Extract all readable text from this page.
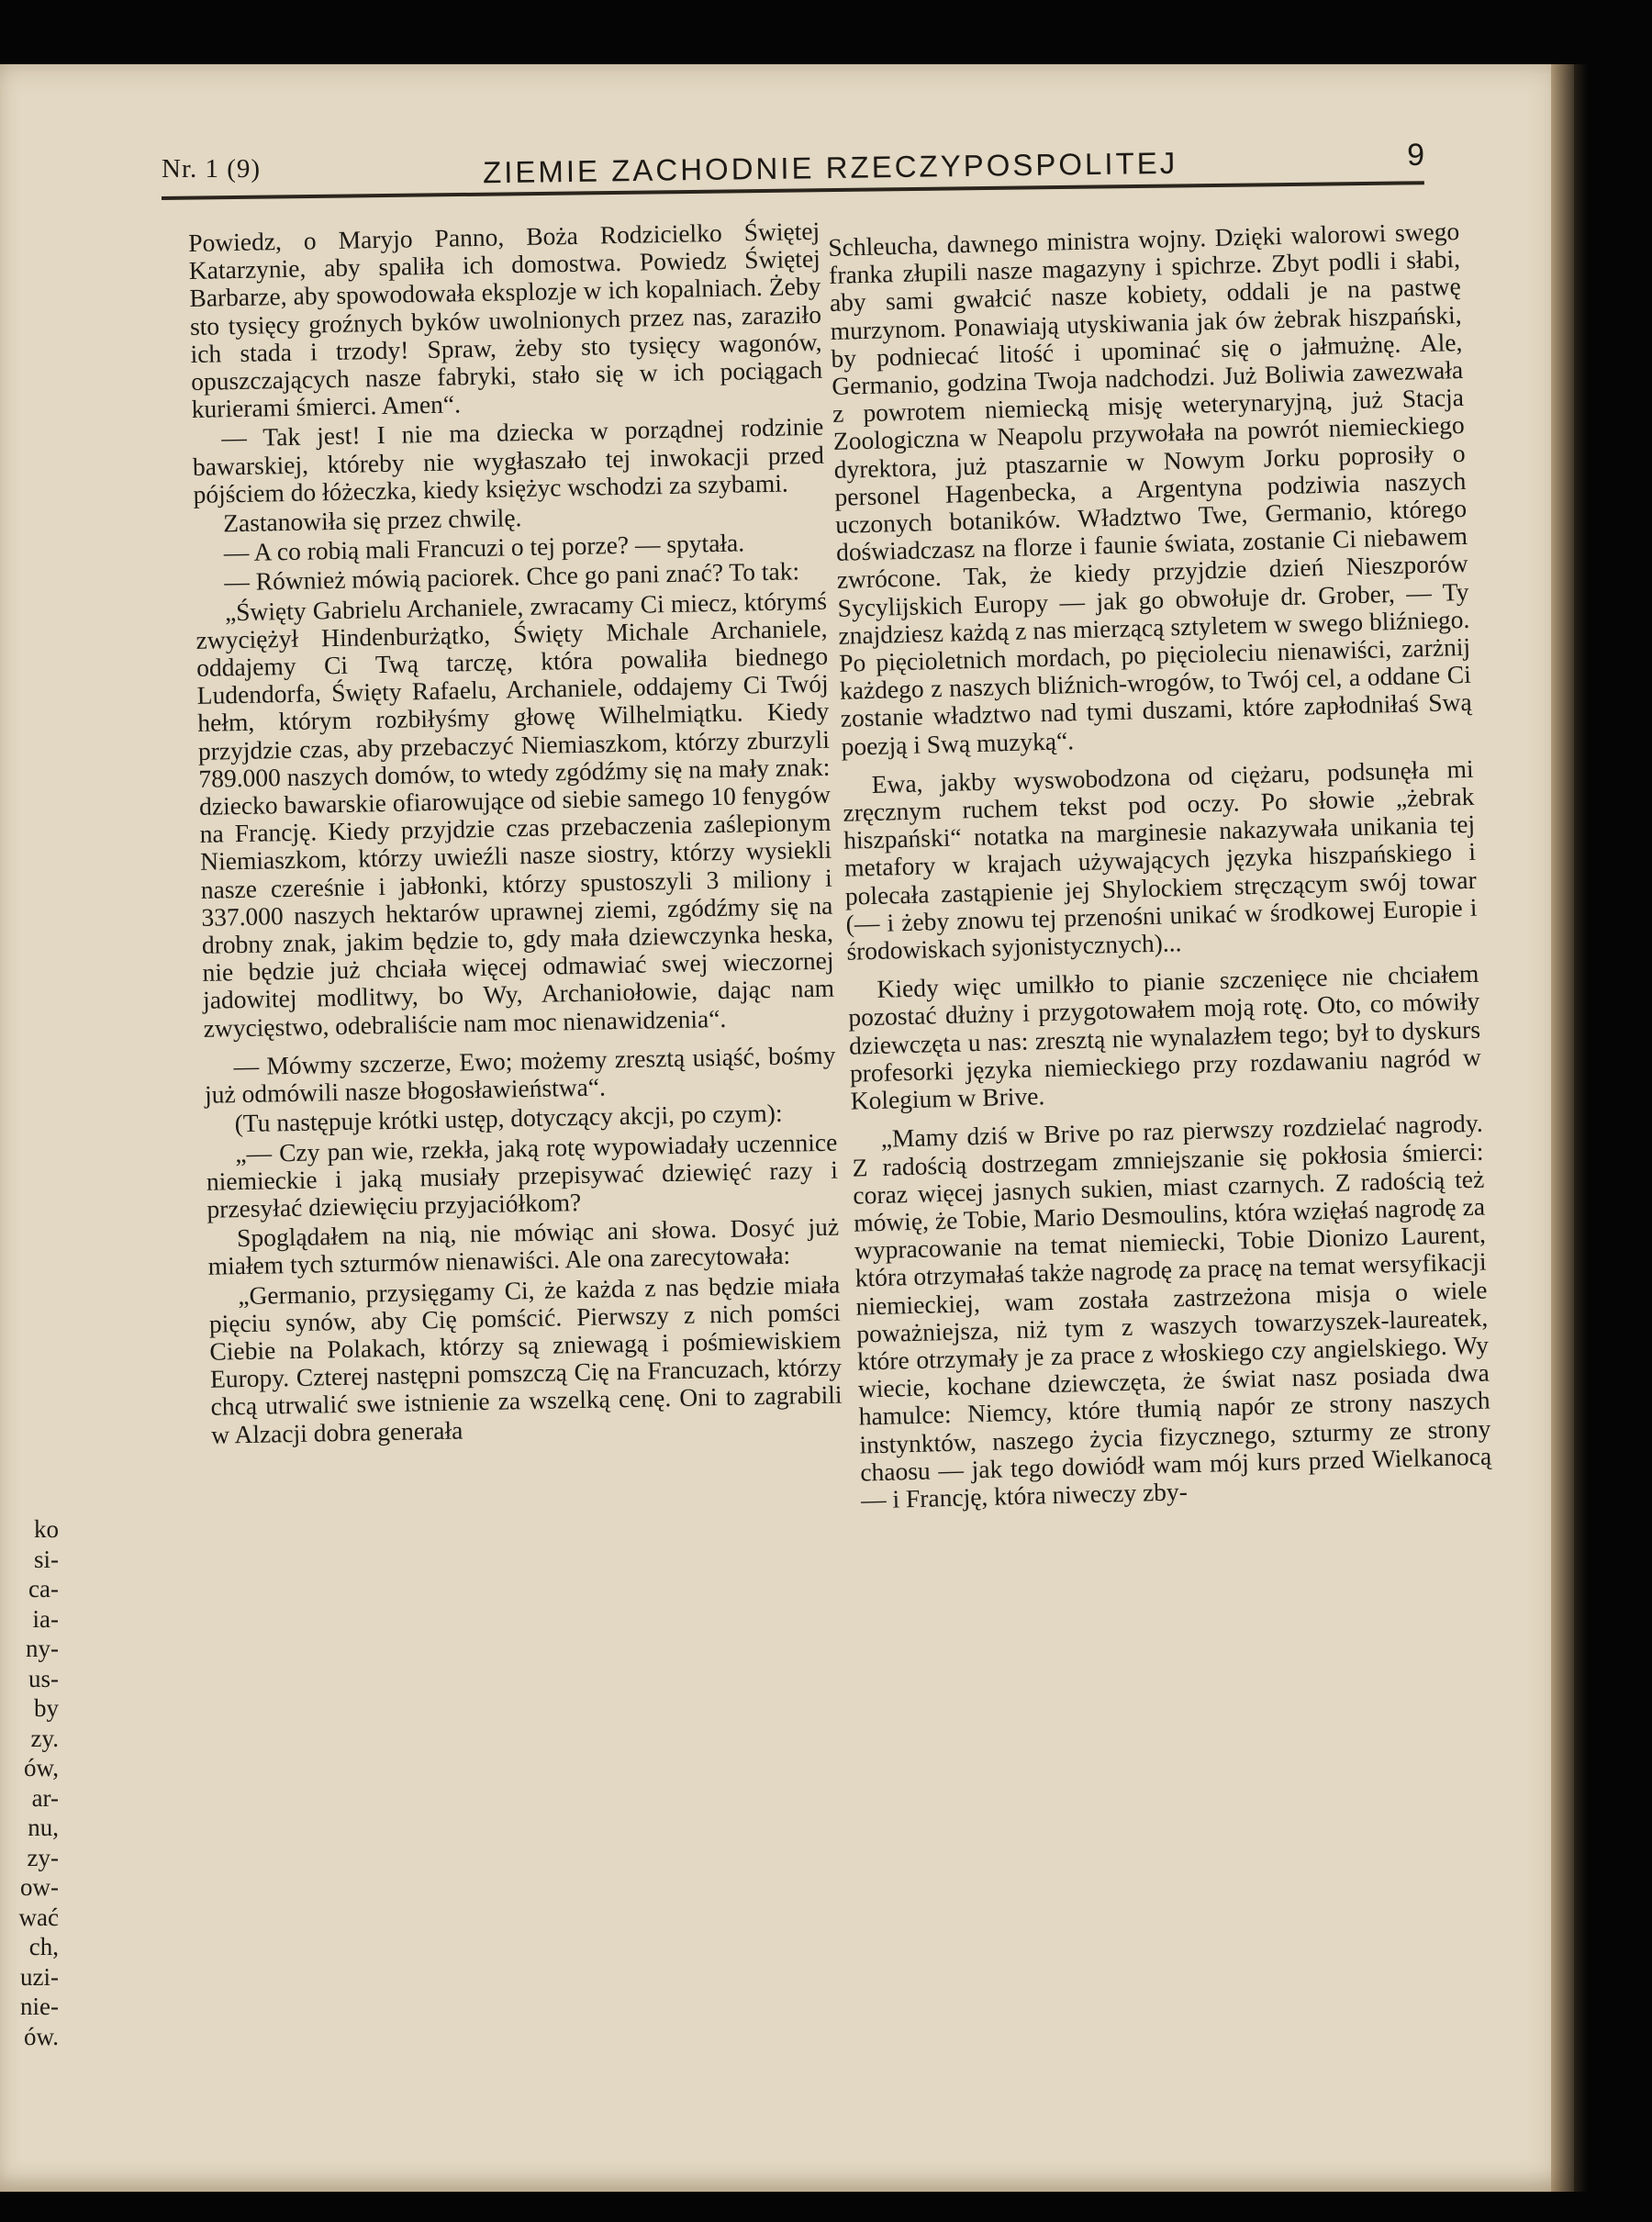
Nr. 1 (9)	ZIEMIE ZACHODNIE RZECZYPOSPOLITEJ	9

Powiedz, o Maryjo Panno, Boża Rodzicielko Świętej Katarzynie, aby spaliła ich domostwa. Powiedz Świętej Barbarze, aby spowodowała eksplozje w ich kopalniach. Żeby sto tysięcy groźnych byków uwolnionych przez nas, zaraziło ich stada i trzody! Spraw, żeby sto tysięcy wagonów, opuszczających nasze fabryki, stało się w ich pociągach kurierami śmierci. Amen“.

— Tak jest! I nie ma dziecka w porządnej rodzinie bawarskiej, któreby nie wygłaszało tej inwokacji przed pójściem do łóżeczka, kiedy księżyc wschodzi za szybami.

Zastanowiła się przez chwilę.

— A co robią mali Francuzi o tej porze? — spytała.

— Również mówią paciorek. Chce go pani znać? To tak:

„Święty Gabrielu Archaniele, zwracamy Ci miecz, którymś zwyciężył Hindenburżątko, Święty Michale Archaniele, oddajemy Ci Twą tarczę, która powaliła biednego Ludendorfa, Święty Rafaelu, Archaniele, oddajemy Ci Twój hełm, którym rozbiłyśmy głowę Wilhelmiątku. Kiedy przyjdzie czas, aby przebaczyć Niemiaszkom, którzy zburzyli 789.000 naszych domów, to wtedy zgódźmy się na mały znak: dziecko bawarskie ofiarowujące od siebie samego 10 fenygów na Francję. Kiedy przyjdzie czas przebaczenia zaślepionym Niemiaszkom, którzy uwieźli nasze siostry, którzy wysiekli nasze czereśnie i jabłonki, którzy spustoszyli 3 miliony i 337.000 naszych hektarów uprawnej ziemi, zgódźmy się na drobny znak, jakim będzie to, gdy mała dziewczynka heska, nie będzie już chciała więcej odmawiać swej wieczornej jadowitej modlitwy, bo Wy, Archaniołowie, dając nam zwycięstwo, odebraliście nam moc nienawidzenia“.

— Mówmy szczerze, Ewo; możemy zresztą usiąść, bośmy już odmówili nasze błogosławieństwa“.

(Tu następuje krótki ustęp, dotyczący akcji, po czym):

„— Czy pan wie, rzekła, jaką rotę wypowiadały uczennice niemieckie i jaką musiały przepisywać dziewięć razy i przesyłać dziewięciu przyjaciółkom?

Spoglądałem na nią, nie mówiąc ani słowa. Dosyć już miałem tych szturmów nienawiści. Ale ona zarecytowała:

„Germanio, przysięgamy Ci, że każda z nas będzie miała pięciu synów, aby Cię pomścić. Pierwszy z nich pomści Ciebie na Polakach, którzy są zniewagą i pośmiewiskiem Europy. Czterej następni pomszczą Cię na Francuzach, którzy chcą utrwalić swe istnienie za wszelką cenę. Oni to zagrabili w Alzacji dobra generała

Schleucha, dawnego ministra wojny. Dzięki walorowi swego franka złupili nasze magazyny i spichrze. Zbyt podli i słabi, aby sami gwałcić nasze kobiety, oddali je na pastwę murzynom. Ponawiają utyskiwania jak ów żebrak hiszpański, by podniecać litość i upominać się o jałmużnę. Ale, Germanio, godzina Twoja nadchodzi. Już Boliwia zawezwała z powrotem niemiecką misję weterynaryjną, już Stacja Zoologiczna w Neapolu przywołała na powrót niemieckiego dyrektora, już ptaszarnie w Nowym Jorku poprosiły o personel Hagenbecka, a Argentyna podziwia naszych uczonych botaników. Władztwo Twe, Germanio, którego doświadczasz na florze i faunie świata, zostanie Ci niebawem zwrócone. Tak, że kiedy przyjdzie dzień Nieszporów Sycylijskich Europy — jak go obwołuje dr. Grober, — Ty znajdziesz każdą z nas mierzącą sztyletem w swego bliźniego. Po pięcioletnich mordach, po pięcioleciu nienawiści, zarżnij każdego z naszych bliźnich-wrogów, to Twój cel, a oddane Ci zostanie władztwo nad tymi duszami, które zapłodniłaś Swą poezją i Swą muzyką“.

Ewa, jakby wyswobodzona od ciężaru, podsunęła mi zręcznym ruchem tekst pod oczy. Po słowie „żebrak hiszpański“ notatka na marginesie nakazywała unikania tej metafory w krajach używających języka hiszpańskiego i polecała zastąpienie jej Shylockiem stręczącym swój towar (— i żeby znowu tej przenośni unikać w środkowej Europie i środowiskach syjonistycznych)...

Kiedy więc umilkło to pianie szczenięce nie chciałem pozostać dłużny i przygotowałem moją rotę. Oto, co mówiły dziewczęta u nas: zresztą nie wynalazłem tego; był to dyskurs profesorki języka niemieckiego przy rozdawaniu nagród w Kolegium w Brive.

„Mamy dziś w Brive po raz pierwszy rozdzielać nagrody. Z radością dostrzegam zmniejszanie się pokłosia śmierci: coraz więcej jasnych sukien, miast czarnych. Z radością też mówię, że Tobie, Mario Desmoulins, która wzięłaś nagrodę za wypracowanie na temat niemiecki, Tobie Dionizo Laurent, która otrzymałaś także nagrodę za pracę na temat wersyfikacji niemieckiej, wam została zastrzeżona misja o wiele poważniejsza, niż tym z waszych towarzyszek-laureatek, które otrzymały je za prace z włoskiego czy angielskiego. Wy wiecie, kochane dziewczęta, że świat nasz posiada dwa hamulce: Niemcy, które tłumią napór ze strony naszych instynktów, naszego życia fizycznego, szturmy ze strony chaosu — jak tego dowiódł wam mój kurs przed Wielkanocą — i Francję, która niweczy zby-

ko
si-
ca-
ia-
ny-
us-
by
zy.
ów,
ar-
nu,
zy-
ow-
wać
ch,
uzi-
nie-
ów.
